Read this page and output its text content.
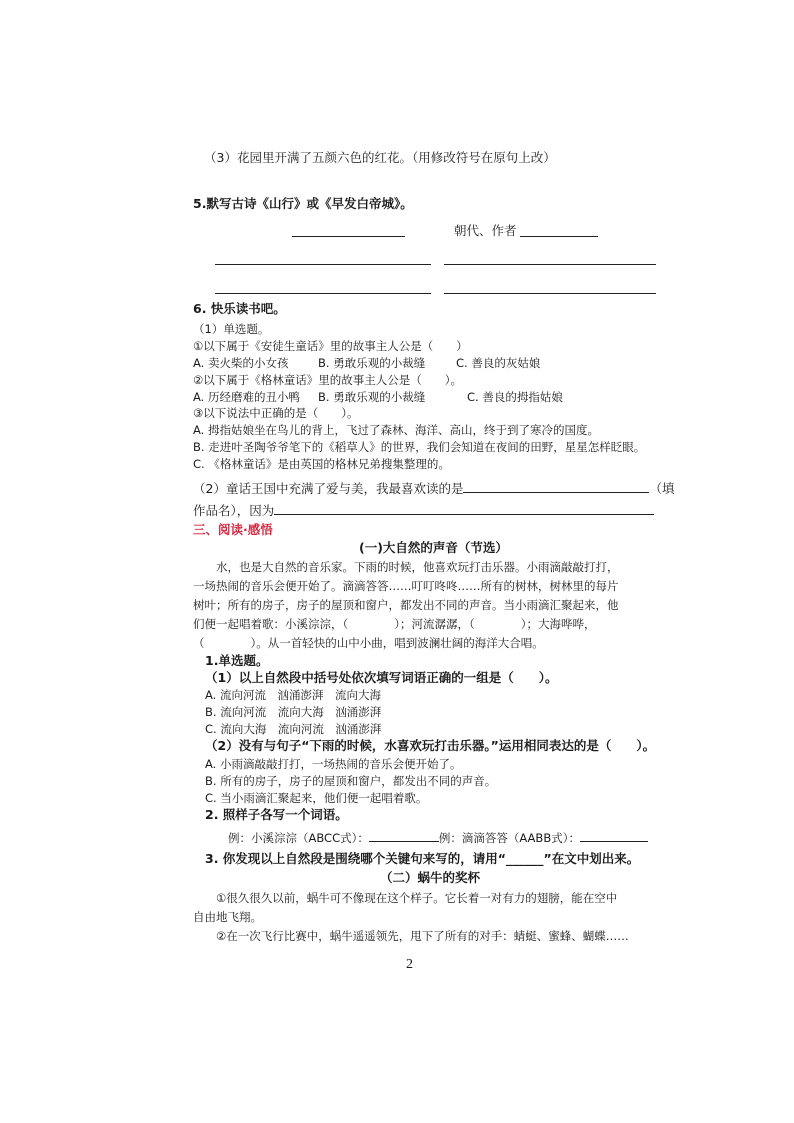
（3）花园里开满了五颜六色的红花。（用修改符号在原句上改）
5.默写古诗《山行》或《早发白帝城》。
朝代、作者
6. 快乐读书吧。
（1）单选题。
①以下属于《安徒生童话》里的故事主人公是（　　）
A. 卖火柴的小女孩	B. 勇敢乐观的小裁缝	C. 善良的灰姑娘
②以下属于《格林童话》里的故事主人公是（　　）。
A. 历经磨难的丑小鸭 B. 勇敢乐观的小裁缝	C. 善良的拇指姑娘
③以下说法中正确的是（　　）。
A. 拇指姑娘坐在鸟儿的背上，飞过了森林、海洋、高山，终于到了寒冷的国度。
B. 走进叶圣陶爷爷笔下的《稻草人》的世界，我们会知道在夜间的田野，星星怎样眨眼。
C. 《格林童话》是由英国的格林兄弟搜集整理的。
（2）童话王国中充满了爱与美，我最喜欢读的是	（填
作品名），因为
三、阅读·感悟
(一)大自然的声音（节选）
水，也是大自然的音乐家。下雨的时候，他喜欢玩打击乐器。小雨滴敲敲打打，
一场热闹的音乐会便开始了。滴滴答答……叮叮咚咚……所有的树林，树林里的每片
树叶；所有的房子，房子的屋顶和窗户，都发出不同的声音。当小雨滴汇聚起来，他
们便一起唱着歌：小溪淙淙，（　　　　）；河流潺潺，（　　　　）；大海哗哗，
（　　　　）。从一首轻快的山中小曲，唱到波澜壮阔的海洋大合唱。
1.单选题。
（1）以上自然段中括号处依次填写词语正确的一组是（　　）。
A. 流向河流　汹涌澎湃　流向大海
B. 流向河流　流向大海　汹涌澎湃
C. 流向大海　流向河流　汹涌澎湃
（2）没有与句子“下雨的时候，水喜欢玩打击乐器。”运用相同表达的是（　　）。
A. 小雨滴敲敲打打，一场热闹的音乐会便开始了。
B. 所有的房子，房子的屋顶和窗户，都发出不同的声音。
C. 当小雨滴汇聚起来，他们便一起唱着歌。
2. 照样子各写一个词语。
例：小溪淙淙（ABCC式）：	例：滴滴答答（AABB式）：
3. 你发现以上自然段是围绕哪个关键句来写的，请用“______”在文中划出来。
（二）蜗牛的奖杯
①很久很久以前，蜗牛可不像现在这个样子。它长着一对有力的翅膀，能在空中
自由地飞翔。
②在一次飞行比赛中，蜗牛遥遥领先，甩下了所有的对手：蜻蜓、蜜蜂、蝴蝶……
2
